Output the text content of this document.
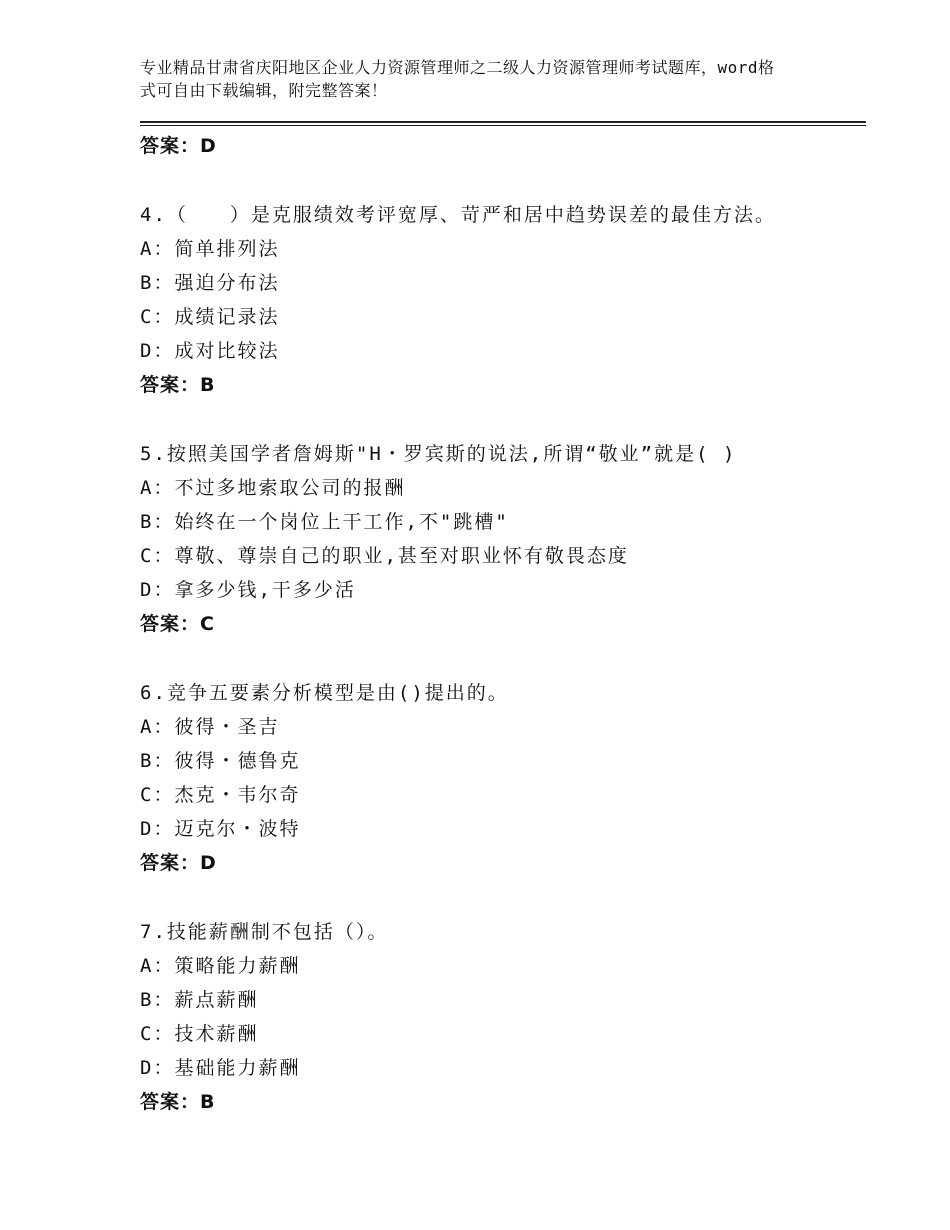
专业精品甘肃省庆阳地区企业人力资源管理师之二级人力资源管理师考试题库，word格式可自由下载编辑，附完整答案！
答案：D
4.（　　）是克服绩效考评宽厚、苛严和居中趋势误差的最佳方法。
A：简单排列法
B：强迫分布法
C：成绩记录法
D：成对比较法
答案：B
5.按照美国学者詹姆斯"H・罗宾斯的说法,所谓“敬业”就是( )
A：不过多地索取公司的报酬
B：始终在一个岗位上干工作,不"跳槽"
C：尊敬、尊崇自己的职业,甚至对职业怀有敬畏态度
D：拿多少钱,干多少活
答案：C
6.竞争五要素分析模型是由()提出的。
A：彼得・圣吉
B：彼得・德鲁克
C：杰克・韦尔奇
D：迈克尔・波特
答案：D
7.技能薪酬制不包括（）。
A：策略能力薪酬
B：薪点薪酬
C：技术薪酬
D：基础能力薪酬
答案：B
